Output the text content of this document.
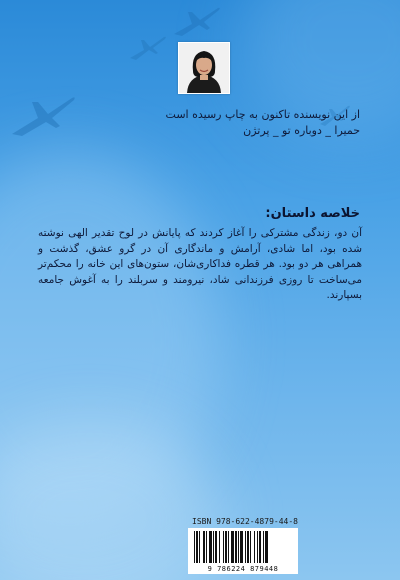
از این نویسنده تاکنون به چاپ رسیده است
حمیرا _ دوباره تو _ پرتژن
خلاصه داستان:

آن دو، زندگی مشترکی را آغاز کردند که پایانش در لوح تقدیر الهی نوشته شده بود، اما شادی، آرامش و ماندگاری آن در گرو عشق، گذشت و همراهی هر دو بود. هر قطره فداکاری‌شان، ستون‌های این خانه را محکم‌تر می‌ساخت تا روزی فرزندانی شاد، نیرومند و سربلند را به آغوش جامعه بسپارند.

ISBN 978-622-4879-44-8
9 786224 879448
